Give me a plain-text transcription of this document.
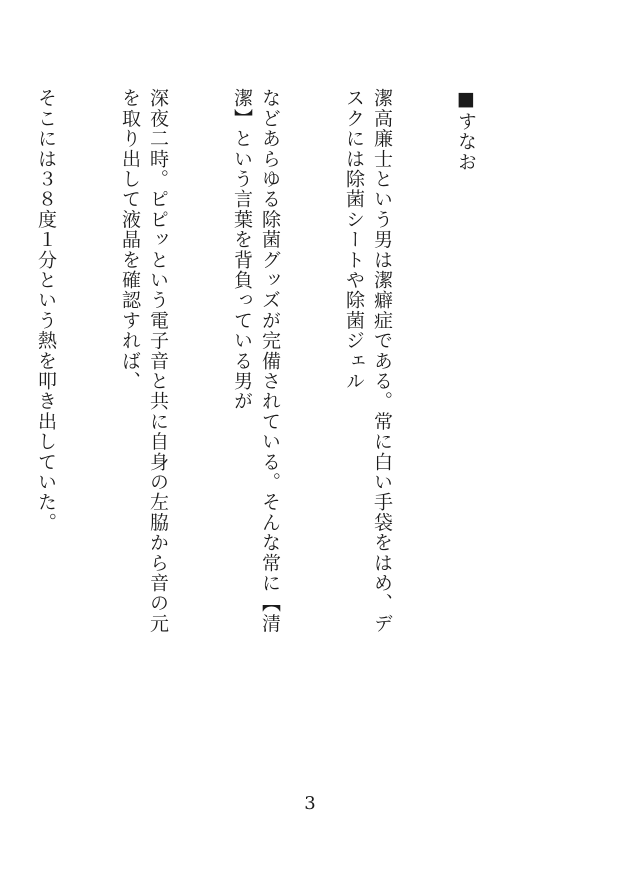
■すなお

潔高廉士という男は潔癖症である。常に白い手袋をはめ、デスクには除菌シートや除菌ジェル

などあらゆる除菌グッズが完備されている。そんな常に【清潔】という言葉を背負っている男が

深夜二時。ピピッという電子音と共に自身の左脇から音の元を取り出して液晶を確認すれば、

そこには３８度１分という熱を叩き出していた。

3
